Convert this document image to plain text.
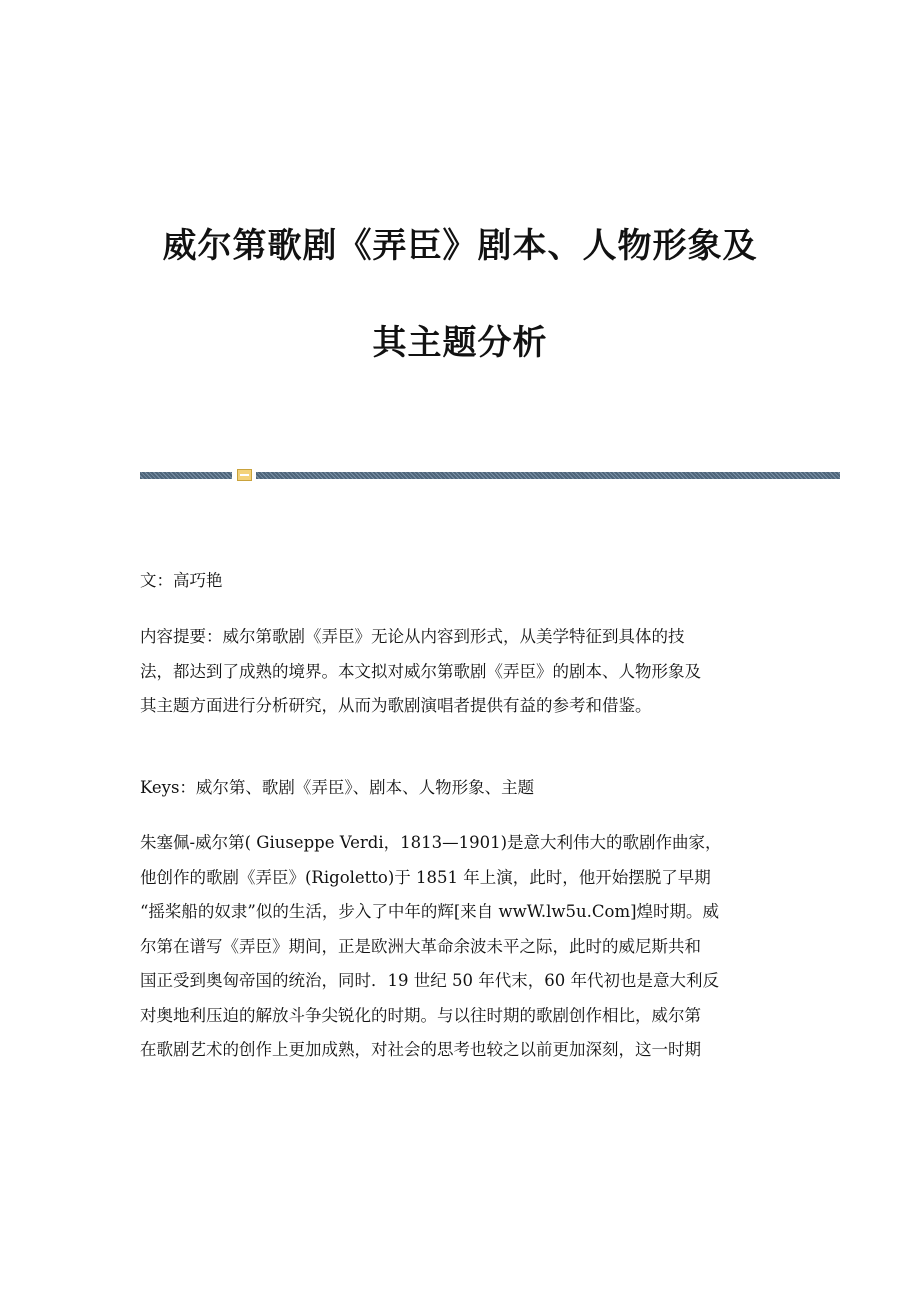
威尔第歌剧《弄臣》剧本、人物形象及
其主题分析
文：高巧艳
内容提要：威尔第歌剧《弄臣》无论从内容到形式，从美学特征到具体的技
法，都达到了成熟的境界。本文拟对威尔第歌剧《弄臣》的剧本、人物形象及
其主题方面进行分析研究，从而为歌剧演唱者提供有益的参考和借鉴。
Keys：威尔第、歌剧《弄臣》、剧本、人物形象、主题
朱塞佩-威尔第( Giuseppe Verdi，1813—1901)是意大利伟大的歌剧作曲家，
他创作的歌剧《弄臣》(Rigoletto)于 1851 年上演，此时，他开始摆脱了早期
“摇桨船的奴隶”似的生活，步入了中年的辉[来自 wwW.lw5u.Com]煌时期。威
尔第在谱写《弄臣》期间，正是欧洲大革命余波未平之际，此时的威尼斯共和
国正受到奥匈帝国的统治，同时．19 世纪 50 年代末，60 年代初也是意大利反
对奥地利压迫的解放斗争尖锐化的时期。与以往时期的歌剧创作相比，威尔第
在歌剧艺术的创作上更加成熟，对社会的思考也较之以前更加深刻，这一时期
